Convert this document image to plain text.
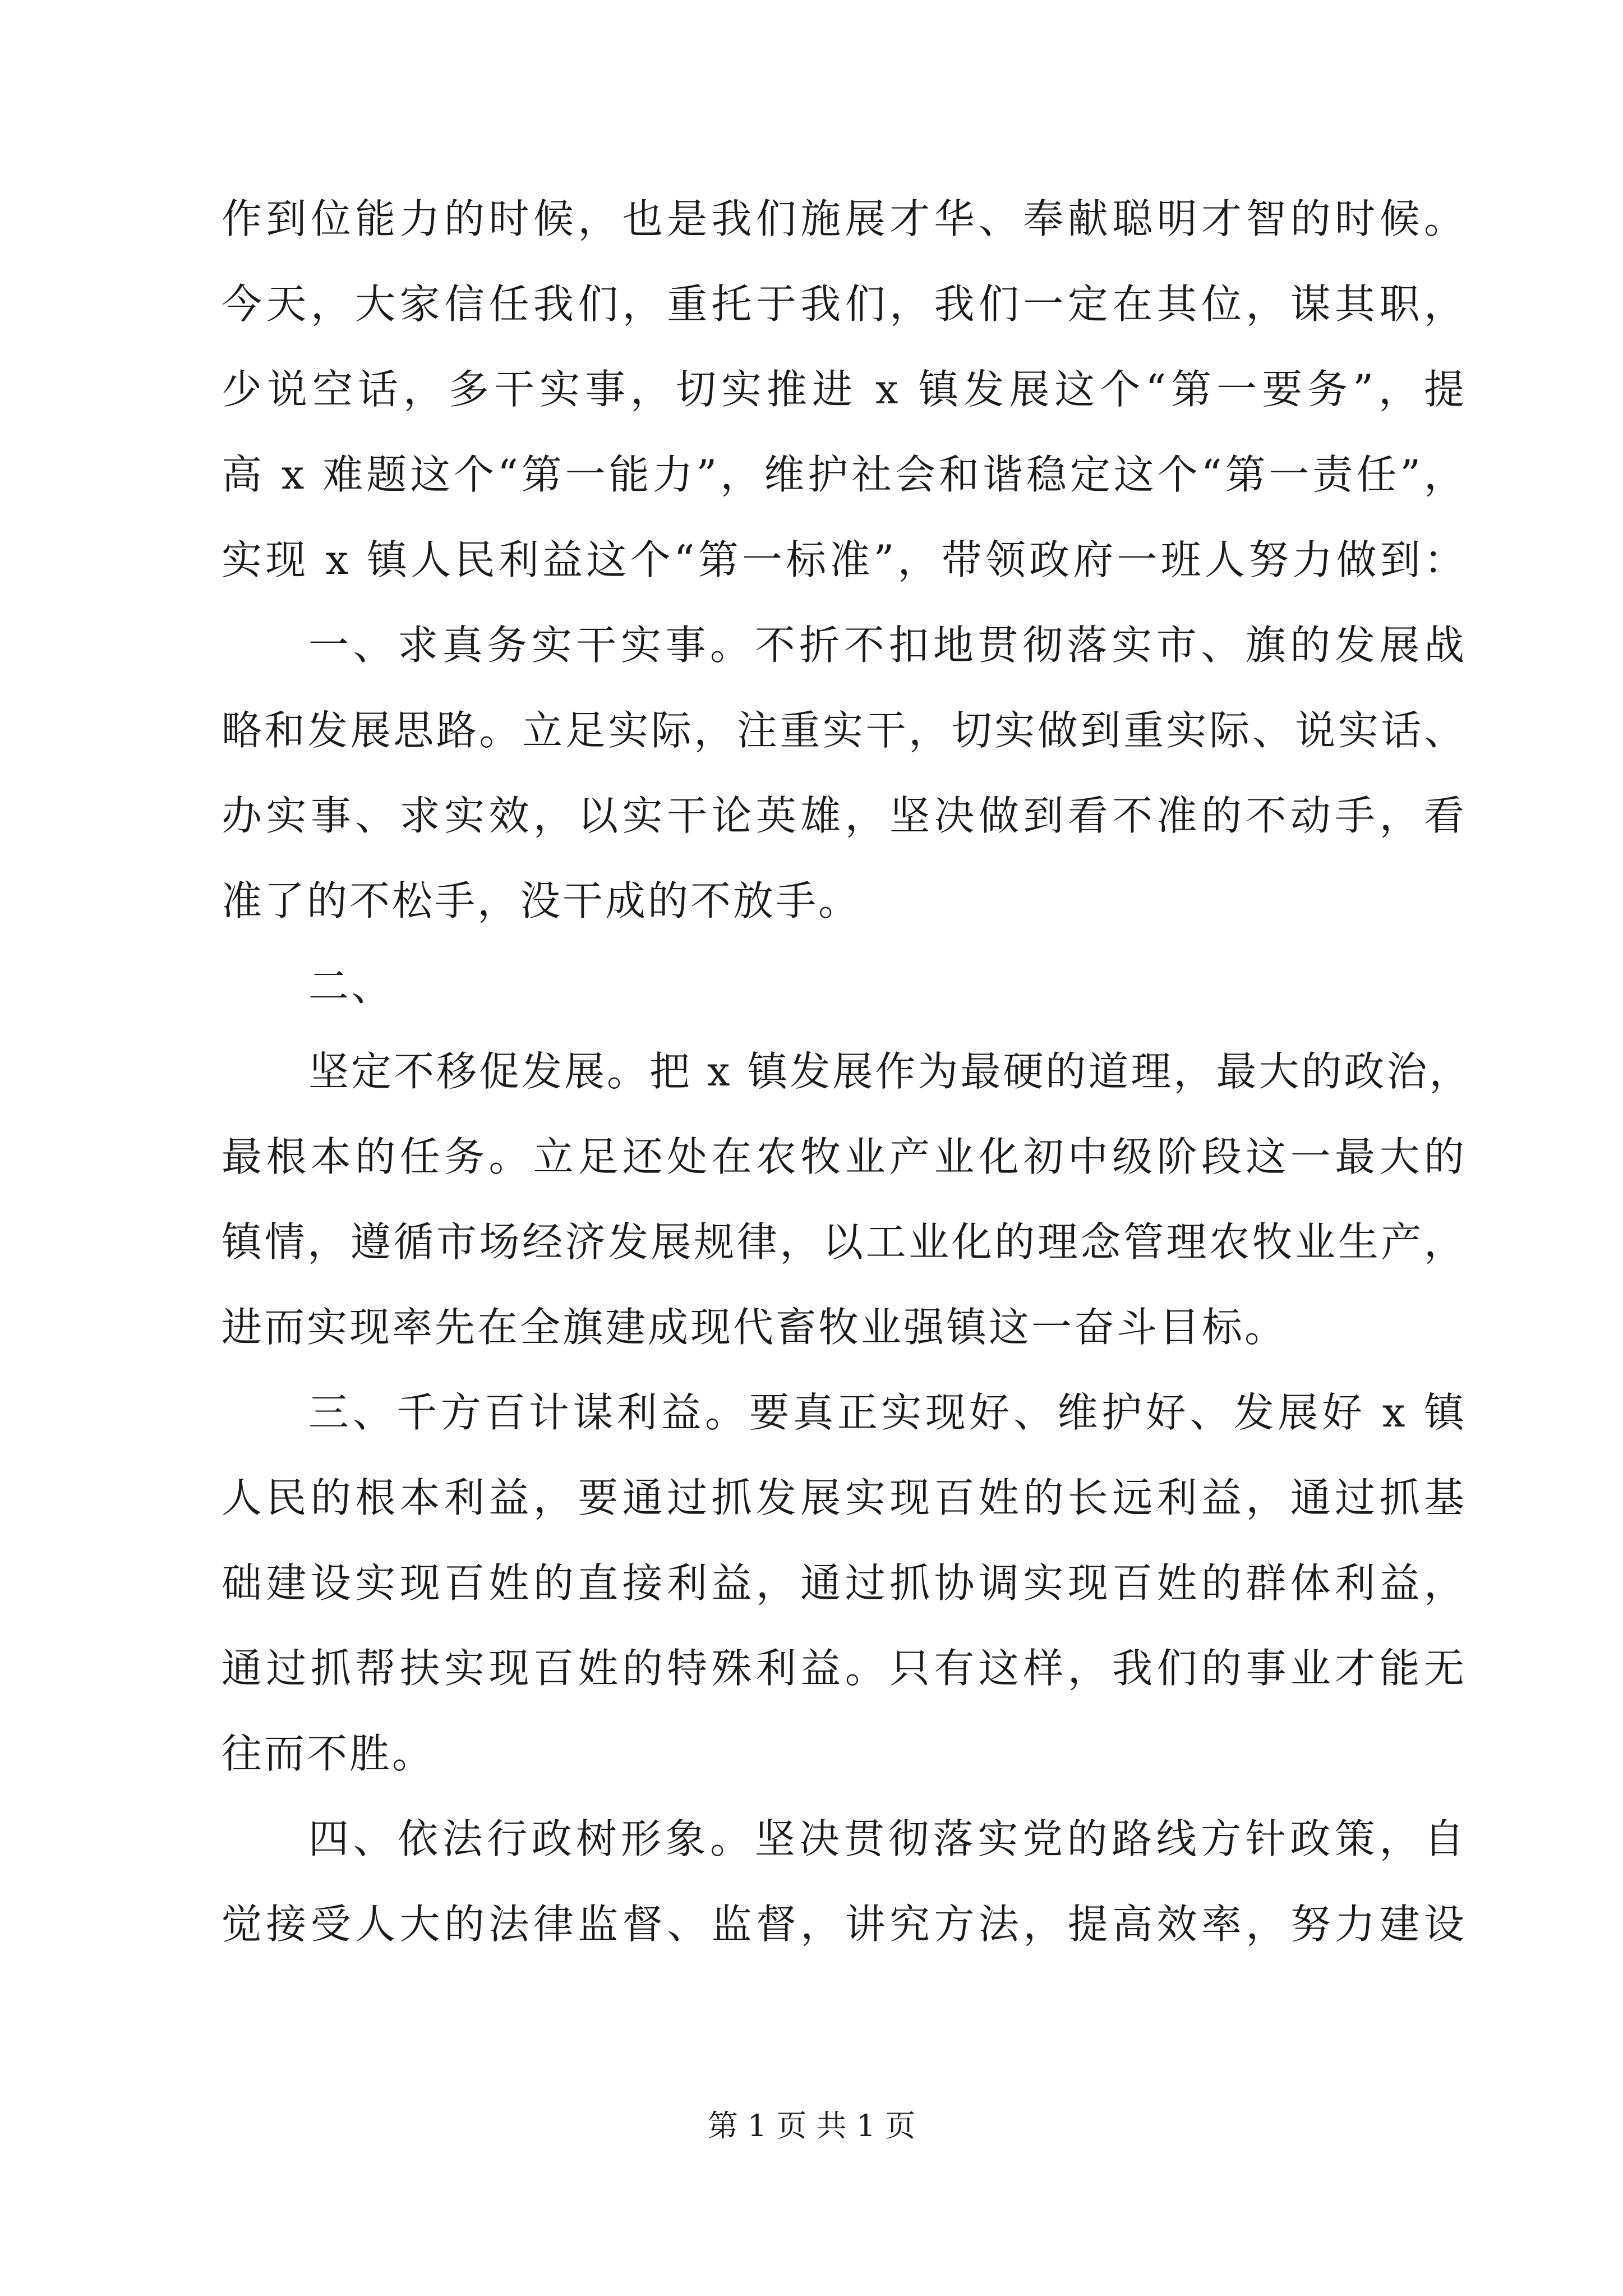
作到位能力的时候，也是我们施展才华、奉献聪明才智的时候。
今天，大家信任我们，重托于我们，我们一定在其位，谋其职，
少说空话，多干实事，切实推进 x 镇发展这个“第一要务”，提
高 x 难题这个“第一能力”，维护社会和谐稳定这个“第一责任”，
实现 x 镇人民利益这个“第一标准”，带领政府一班人努力做到：
一、求真务实干实事。不折不扣地贯彻落实市、旗的发展战
略和发展思路。立足实际，注重实干，切实做到重实际、说实话、
办实事、求实效，以实干论英雄，坚决做到看不准的不动手，看
准了的不松手，没干成的不放手。
二、
坚定不移促发展。把 x 镇发展作为最硬的道理，最大的政治，
最根本的任务。立足还处在农牧业产业化初中级阶段这一最大的
镇情，遵循市场经济发展规律，以工业化的理念管理农牧业生产，
进而实现率先在全旗建成现代畜牧业强镇这一奋斗目标。
三、千方百计谋利益。要真正实现好、维护好、发展好 x 镇
人民的根本利益，要通过抓发展实现百姓的长远利益，通过抓基
础建设实现百姓的直接利益，通过抓协调实现百姓的群体利益，
通过抓帮扶实现百姓的特殊利益。只有这样，我们的事业才能无
往而不胜。
四、依法行政树形象。坚决贯彻落实党的路线方针政策，自
觉接受人大的法律监督、监督，讲究方法，提高效率，努力建设
第 1 页 共 1 页
